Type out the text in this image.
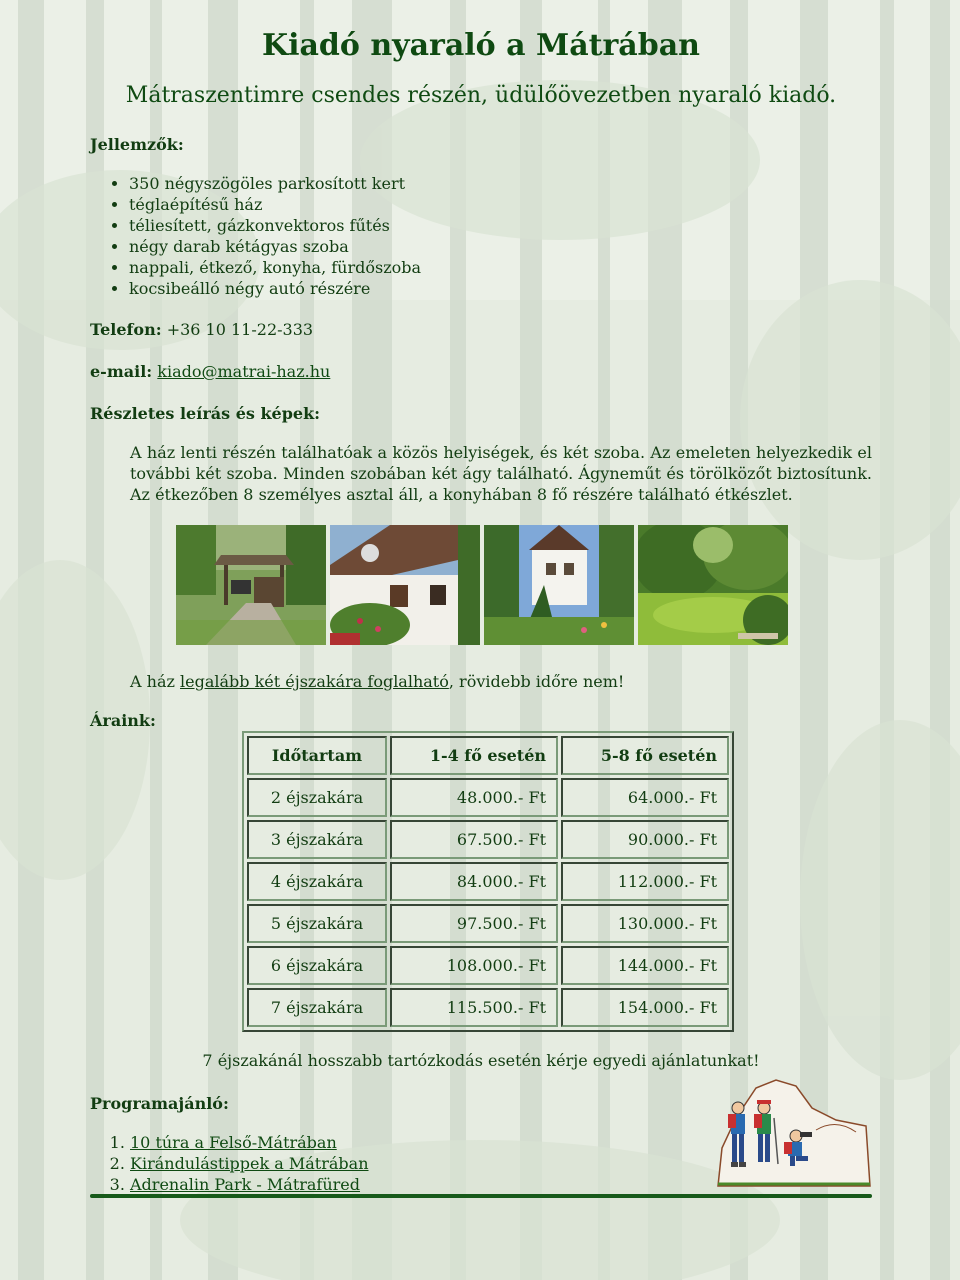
Kiadó nyaraló a Mátrában
Mátraszentimre csendes részén, üdülőövezetben nyaraló kiadó.
Jellemzők:
• 350 négyszögöles parkosított kert
• téglaépítésű ház
• téliesített, gázkonvektoros fűtés
• négy darab kétágyas szoba
• nappali, étkező, konyha, fürdőszoba
• kocsibeálló négy autó részére
Telefon: +36 10 11-22-333
e-mail: kiado@matrai-haz.hu
Részletes leírás és képek:
A ház lenti részén találhatóak a közös helyiségek, és két szoba. Az emeleten helyezkedik el további két szoba. Minden szobában két ágy található. Ágyneműt és törölközőt biztosítunk. Az étkezőben 8 személyes asztal áll, a konyhában 8 fő részére található étkészlet.
A ház legalább két éjszakára foglalható, rövidebb időre nem!
Áraink:
Időtartam	1-4 fő esetén	5-8 fő esetén
2 éjszakára	48.000.- Ft	64.000.- Ft
3 éjszakára	67.500.- Ft	90.000.- Ft
4 éjszakára	84.000.- Ft	112.000.- Ft
5 éjszakára	97.500.- Ft	130.000.- Ft
6 éjszakára	108.000.- Ft	144.000.- Ft
7 éjszakára	115.500.- Ft	154.000.- Ft
7 éjszakánál hosszabb tartózkodás esetén kérje egyedi ajánlatunkat!
Programajánló:
1. 10 túra a Felső-Mátrában
2. Kirándulástippek a Mátrában
3. Adrenalin Park - Mátrafüred
